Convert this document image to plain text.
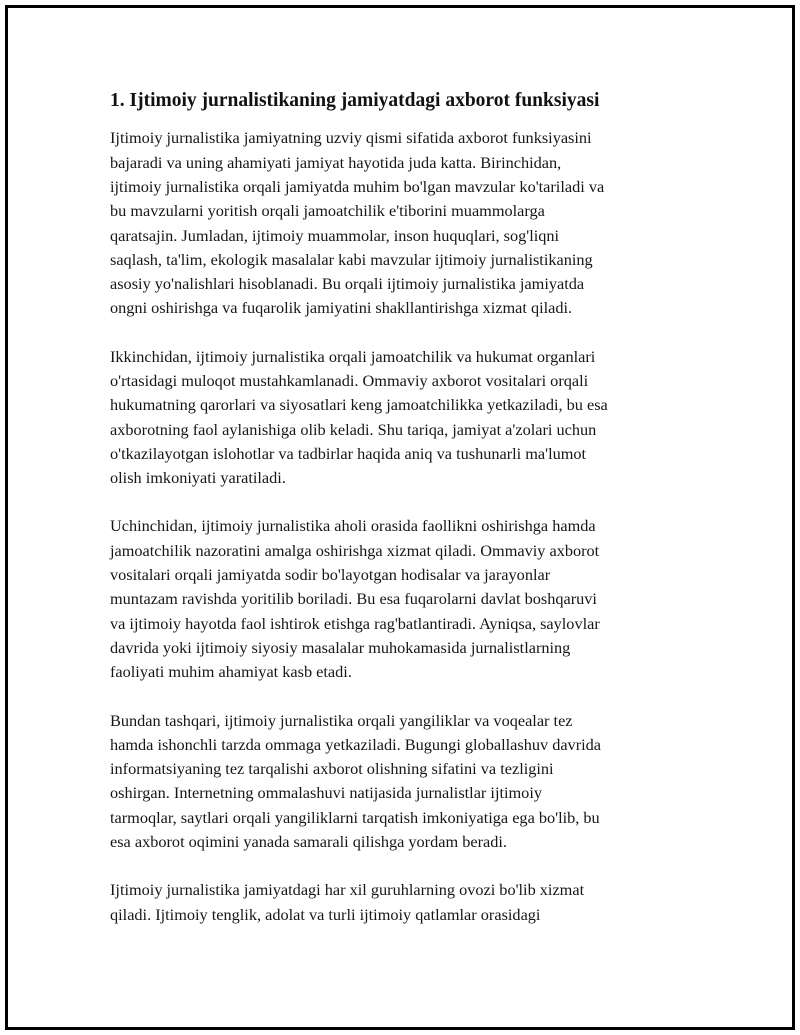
1. Ijtimoiy jurnalistikaning jamiyatdagi axborot funksiyasi

Ijtimoiy jurnalistika jamiyatning uzviy qismi sifatida axborot funksiyasini
bajaradi va uning ahamiyati jamiyat hayotida juda katta. Birinchidan,
ijtimoiy jurnalistika orqali jamiyatda muhim bo'lgan mavzular ko'tariladi va
bu mavzularni yoritish orqali jamoatchilik e'tiborini muammolarga
qaratsajin. Jumladan, ijtimoiy muammolar, inson huquqlari, sog'liqni
saqlash, ta'lim, ekologik masalalar kabi mavzular ijtimoiy jurnalistikaning
asosiy yo'nalishlari hisoblanadi. Bu orqali ijtimoiy jurnalistika jamiyatda
ongni oshirishga va fuqarolik jamiyatini shakllantirishga xizmat qiladi.

Ikkinchidan, ijtimoiy jurnalistika orqali jamoatchilik va hukumat organlari
o'rtasidagi muloqot mustahkamlanadi. Ommaviy axborot vositalari orqali
hukumatning qarorlari va siyosatlari keng jamoatchilikka yetkaziladi, bu esa
axborotning faol aylanishiga olib keladi. Shu tariqa, jamiyat a'zolari uchun
o'tkazilayotgan islohotlar va tadbirlar haqida aniq va tushunarli ma'lumot
olish imkoniyati yaratiladi.

Uchinchidan, ijtimoiy jurnalistika aholi orasida faollikni oshirishga hamda
jamoatchilik nazoratini amalga oshirishga xizmat qiladi. Ommaviy axborot
vositalari orqali jamiyatda sodir bo'layotgan hodisalar va jarayonlar
muntazam ravishda yoritilib boriladi. Bu esa fuqarolarni davlat boshqaruvi
va ijtimoiy hayotda faol ishtirok etishga rag'batlantiradi. Ayniqsa, saylovlar
davrida yoki ijtimoiy siyosiy masalalar muhokamasida jurnalistlarning
faoliyati muhim ahamiyat kasb etadi.

Bundan tashqari, ijtimoiy jurnalistika orqali yangiliklar va voqealar tez
hamda ishonchli tarzda ommaga yetkaziladi. Bugungi globallashuv davrida
informatsiyaning tez tarqalishi axborot olishning sifatini va tezligini
oshirgan. Internetning ommalashuvi natijasida jurnalistlar ijtimoiy
tarmoqlar, saytlari orqali yangiliklarni tarqatish imkoniyatiga ega bo'lib, bu
esa axborot oqimini yanada samarali qilishga yordam beradi.

Ijtimoiy jurnalistika jamiyatdagi har xil guruhlarning ovozi bo'lib xizmat
qiladi. Ijtimoiy tenglik, adolat va turli ijtimoiy qatlamlar orasidagi
